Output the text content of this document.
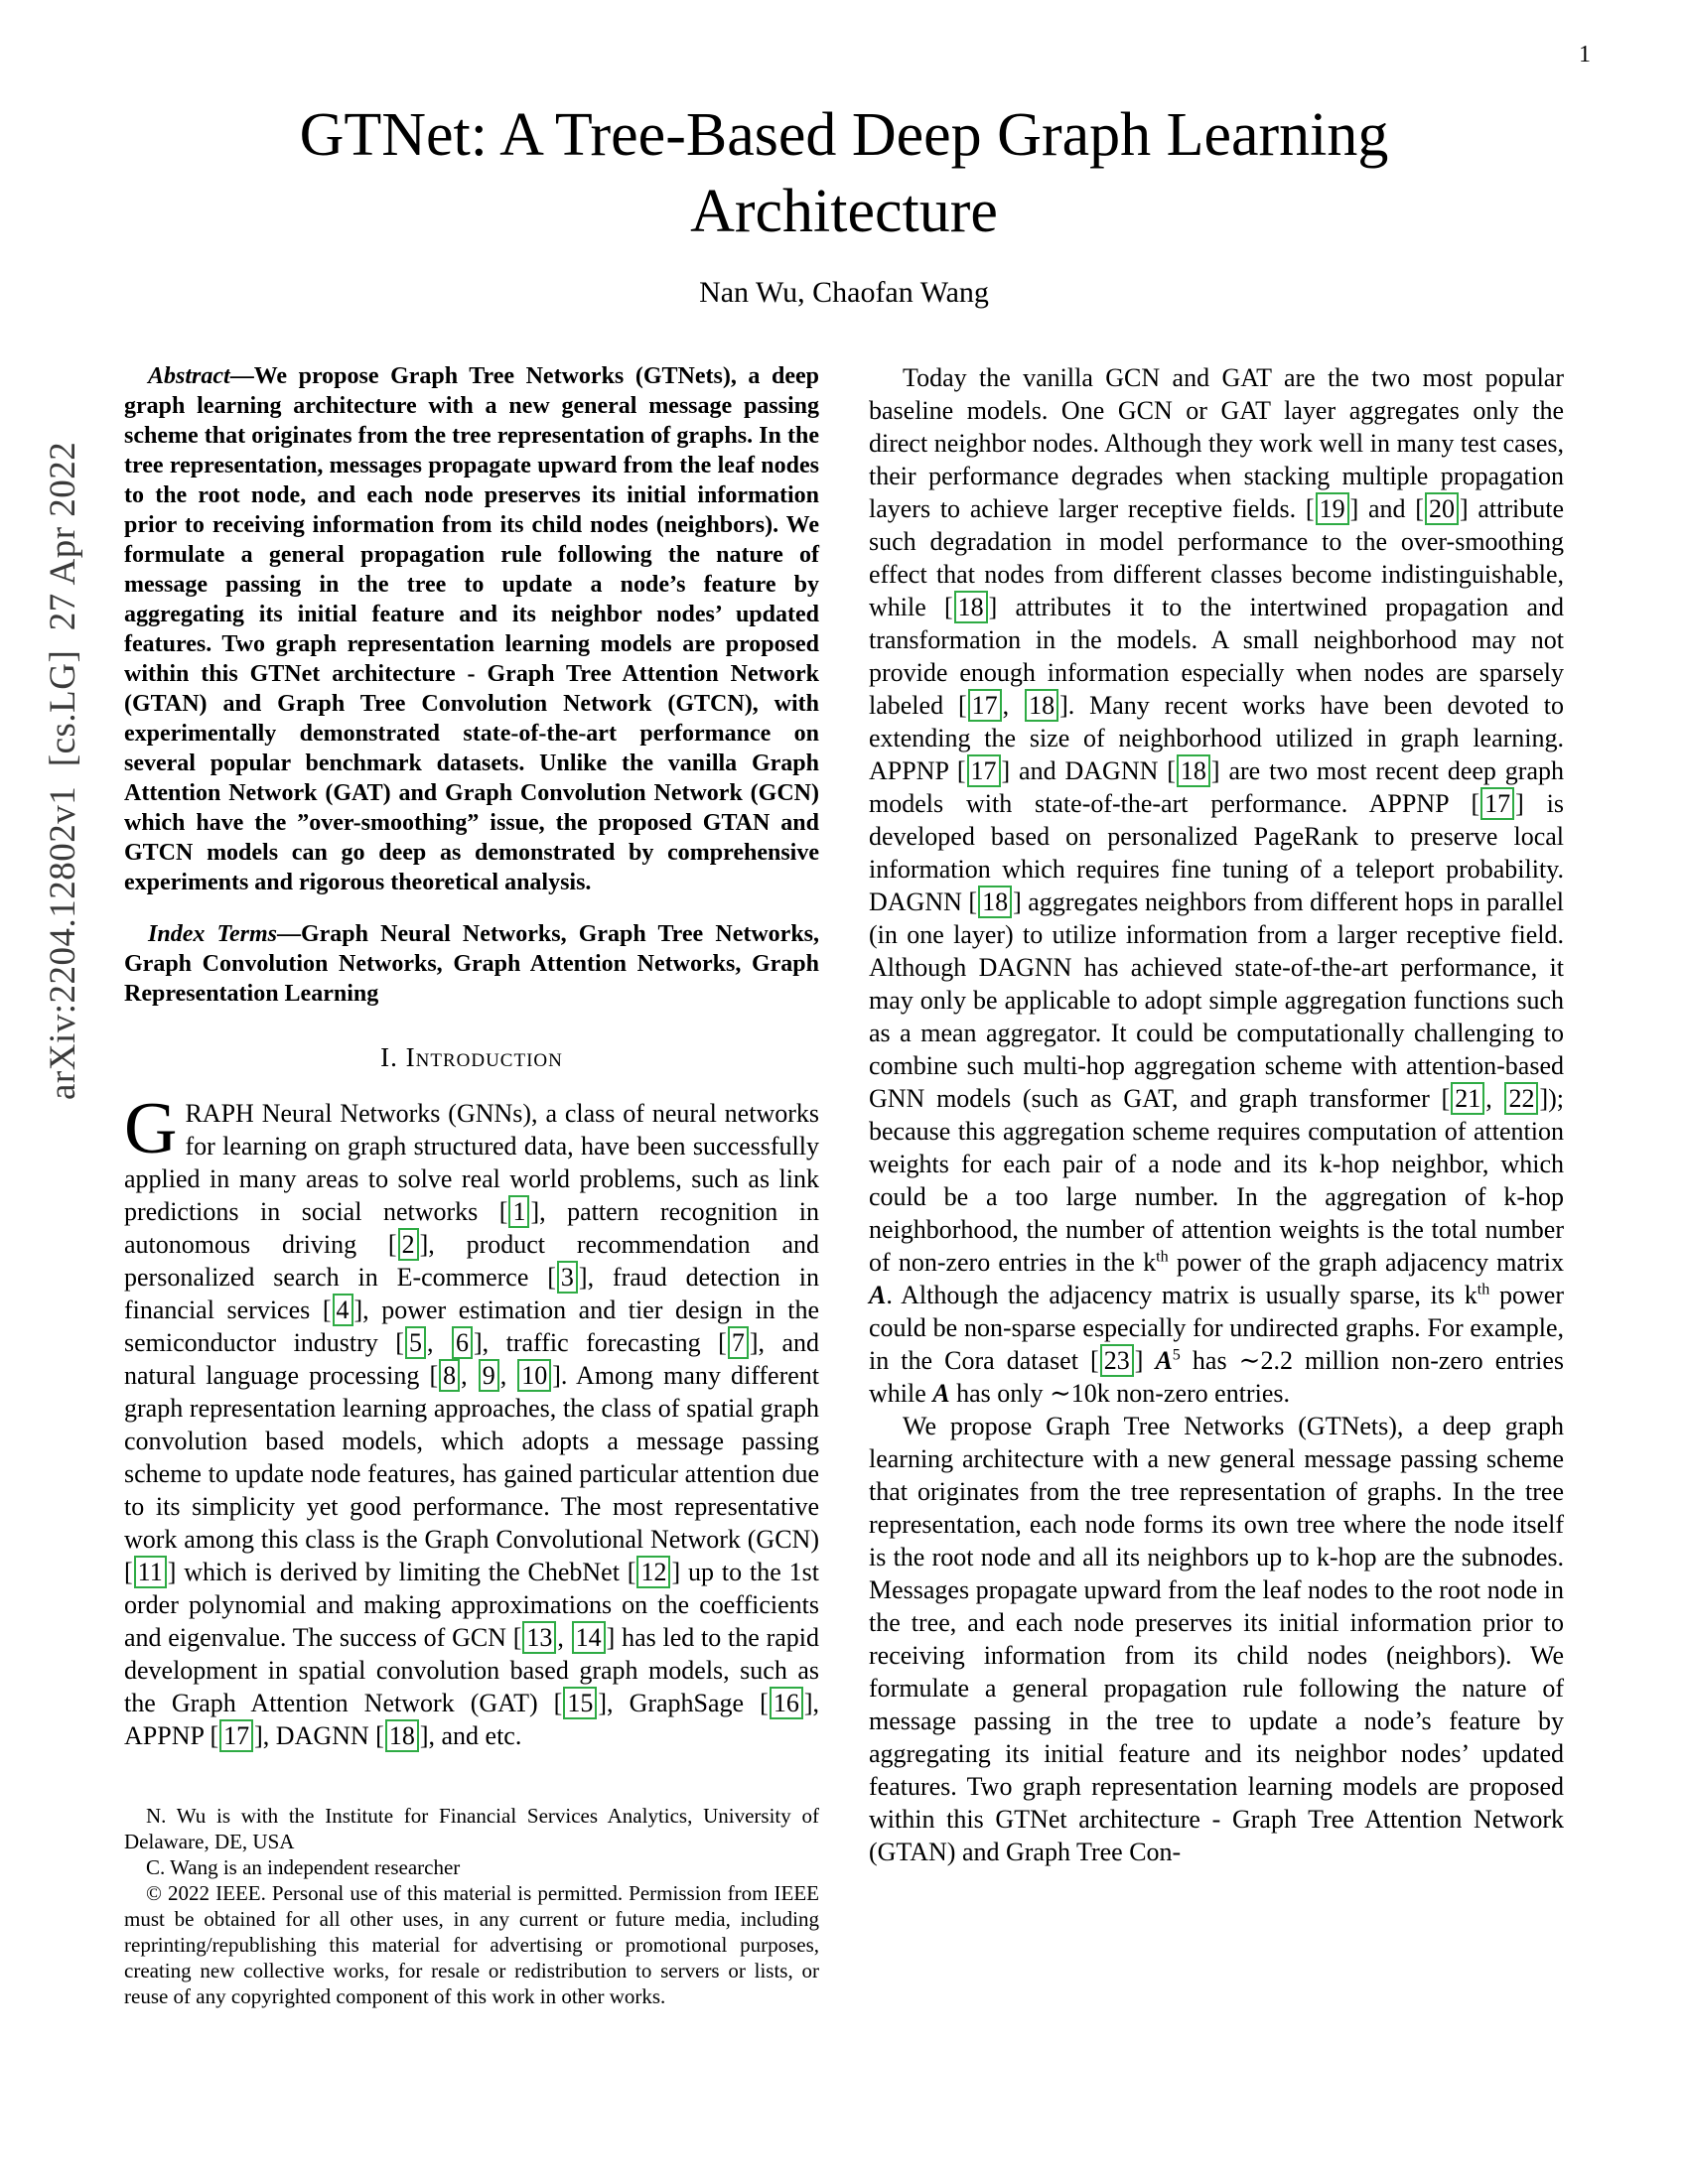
1
arXiv:2204.12802v1  [cs.LG]  27 Apr 2022
GTNet: A Tree-Based Deep Graph Learning Architecture
Nan Wu, Chaofan Wang

Abstract—We propose Graph Tree Networks (GTNets), a deep graph learning architecture with a new general message passing scheme that originates from the tree representation of graphs. In the tree representation, messages propagate upward from the leaf nodes to the root node, and each node preserves its initial information prior to receiving information from its child nodes (neighbors). We formulate a general propagation rule following the nature of message passing in the tree to update a node’s feature by aggregating its initial feature and its neighbor nodes’ updated features. Two graph representation learning models are proposed within this GTNet architecture - Graph Tree Attention Network (GTAN) and Graph Tree Convolution Network (GTCN), with experimentally demonstrated state-of-the-art performance on several popular benchmark datasets. Unlike the vanilla Graph Attention Network (GAT) and Graph Convolution Network (GCN) which have the ”over-smoothing” issue, the proposed GTAN and GTCN models can go deep as demonstrated by comprehensive experiments and rigorous theoretical analysis.

Index Terms—Graph Neural Networks, Graph Tree Networks, Graph Convolution Networks, Graph Attention Networks, Graph Representation Learning

I. Introduction

GRAPH Neural Networks (GNNs), a class of neural networks for learning on graph structured data, have been successfully applied in many areas to solve real world problems, such as link predictions in social networks [ 1 ], pattern recognition in autonomous driving [ 2 ], product recommendation and personalized search in E-commerce [ 3 ], fraud detection in financial services [ 4 ], power estimation and tier design in the semiconductor industry [ 5 , 6 ], traffic forecasting [ 7 ], and natural language processing [ 8 , 9 , 10 ]. Among many different graph representation learning approaches, the class of spatial graph convolution based models, which adopts a message passing scheme to update node features, has gained particular attention due to its simplicity yet good performance. The most representative work among this class is the Graph Convolutional Network (GCN) [ 11 ] which is derived by limiting the ChebNet [ 12 ] up to the 1st order polynomial and making approximations on the coefficients and eigenvalue. The success of GCN [ 13 , 14 ] has led to the rapid development in spatial convolution based graph models, such as the Graph Attention Network (GAT) [ 15 ], GraphSage [ 16 ], APPNP [ 17 ], DAGNN [ 18 ], and etc.

N. Wu is with the Institute for Financial Services Analytics, University of Delaware, DE, USA

C. Wang is an independent researcher

© 2022 IEEE. Personal use of this material is permitted. Permission from IEEE must be obtained for all other uses, in any current or future media, including reprinting/republishing this material for advertising or promotional purposes, creating new collective works, for resale or redistribution to servers or lists, or reuse of any copyrighted component of this work in other works.

Today the vanilla GCN and GAT are the two most popular baseline models. One GCN or GAT layer aggregates only the direct neighbor nodes. Although they work well in many test cases, their performance degrades when stacking multiple propagation layers to achieve larger receptive fields. [ 19 ] and [ 20 ] attribute such degradation in model performance to the over-smoothing effect that nodes from different classes become indistinguishable, while [ 18 ] attributes it to the intertwined propagation and transformation in the models. A small neighborhood may not provide enough information especially when nodes are sparsely labeled [ 17 , 18 ]. Many recent works have been devoted to extending the size of neighborhood utilized in graph learning. APPNP [ 17 ] and DAGNN [ 18 ] are two most recent deep graph models with state-of-the-art performance. APPNP [ 17 ] is developed based on personalized PageRank to preserve local information which requires fine tuning of a teleport probability. DAGNN [ 18 ] aggregates neighbors from different hops in parallel (in one layer) to utilize information from a larger receptive field. Although DAGNN has achieved state-of-the-art performance, it may only be applicable to adopt simple aggregation functions such as a mean aggregator. It could be computationally challenging to combine such multi-hop aggregation scheme with attention-based GNN models (such as GAT, and graph transformer [ 21 , 22 ]); because this aggregation scheme requires computation of attention weights for each pair of a node and its k-hop neighbor, which could be a too large number. In the aggregation of k-hop neighborhood, the number of attention weights is the total number of non-zero entries in the $k^{th}$ power of the graph adjacency matrix A. Although the adjacency matrix is usually sparse, its $k^{th}$ power could be non-sparse especially for undirected graphs. For example, in the Cora dataset [ 23 ] $A^5$ has ∼2.2 million non-zero entries while A has only ∼10k non-zero entries.

We propose Graph Tree Networks (GTNets), a deep graph learning architecture with a new general message passing scheme that originates from the tree representation of graphs. In the tree representation, each node forms its own tree where the node itself is the root node and all its neighbors up to k-hop are the subnodes. Messages propagate upward from the leaf nodes to the root node in the tree, and each node preserves its initial information prior to receiving information from its child nodes (neighbors). We formulate a general propagation rule following the nature of message passing in the tree to update a node’s feature by aggregating its initial feature and its neighbor nodes’ updated features. Two graph representation learning models are proposed within this GTNet architecture - Graph Tree Attention Network (GTAN) and Graph Tree Con-
